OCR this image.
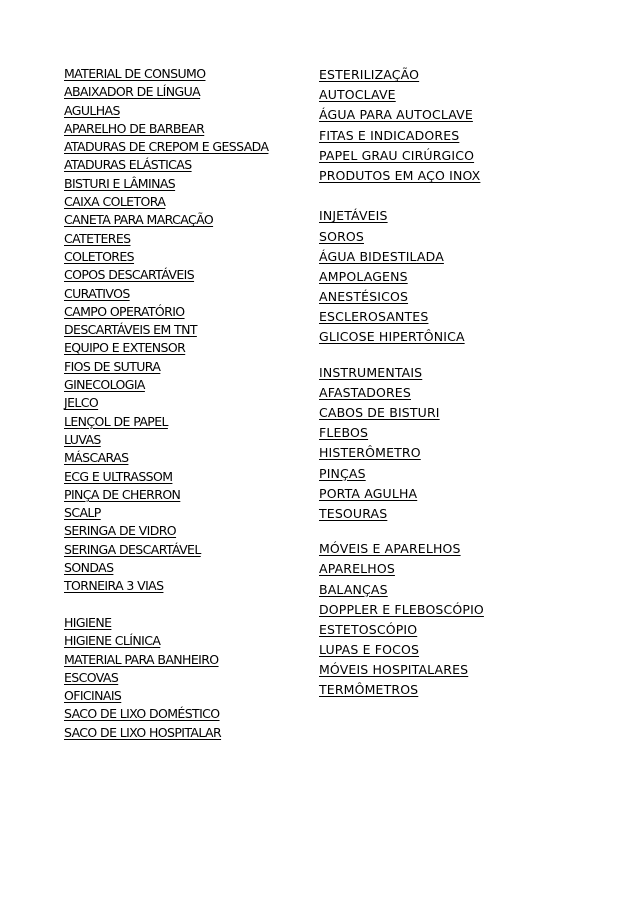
MATERIAL DE CONSUMO
ABAIXADOR DE LÍNGUA
AGULHAS
APARELHO DE BARBEAR
ATADURAS DE CREPOM E GESSADA
ATADURAS ELÁSTICAS
BISTURI E LÂMINAS
CAIXA COLETORA
CANETA PARA MARCAÇÃO
CATETERES
COLETORES
COPOS DESCARTÁVEIS
CURATIVOS
CAMPO OPERATÓRIO
DESCARTÁVEIS EM TNT
EQUIPO E EXTENSOR
FIOS DE SUTURA
GINECOLOGIA
JELCO
LENÇOL DE PAPEL
LUVAS
MÁSCARAS
ECG E ULTRASSOM
PINÇA DE CHERRON
SCALP
SERINGA DE VIDRO
SERINGA DESCARTÁVEL
SONDAS
TORNEIRA 3 VIAS
HIGIENE
HIGIENE CLÍNICA
MATERIAL PARA BANHEIRO
ESCOVAS
OFICINAIS
SACO DE LIXO DOMÉSTICO
SACO DE LIXO HOSPITALAR
ESTERILIZAÇÃO
AUTOCLAVE
ÁGUA PARA AUTOCLAVE
FITAS E INDICADORES
PAPEL GRAU CIRÚRGICO
PRODUTOS EM AÇO INOX
INJETÁVEIS
SOROS
ÁGUA BIDESTILADA
AMPOLAGENS
ANESTÉSICOS
ESCLEROSANTES
GLICOSE HIPERTÔNICA
INSTRUMENTAIS
AFASTADORES
CABOS DE BISTURI
FLEBOS
HISTERÔMETRO
PINÇAS
PORTA AGULHA
TESOURAS
MÓVEIS E APARELHOS
APARELHOS
BALANÇAS
DOPPLER E FLEBOSCÓPIO
ESTETOSCÓPIO
LUPAS E FOCOS
MÓVEIS HOSPITALARES
TERMÔMETROS
